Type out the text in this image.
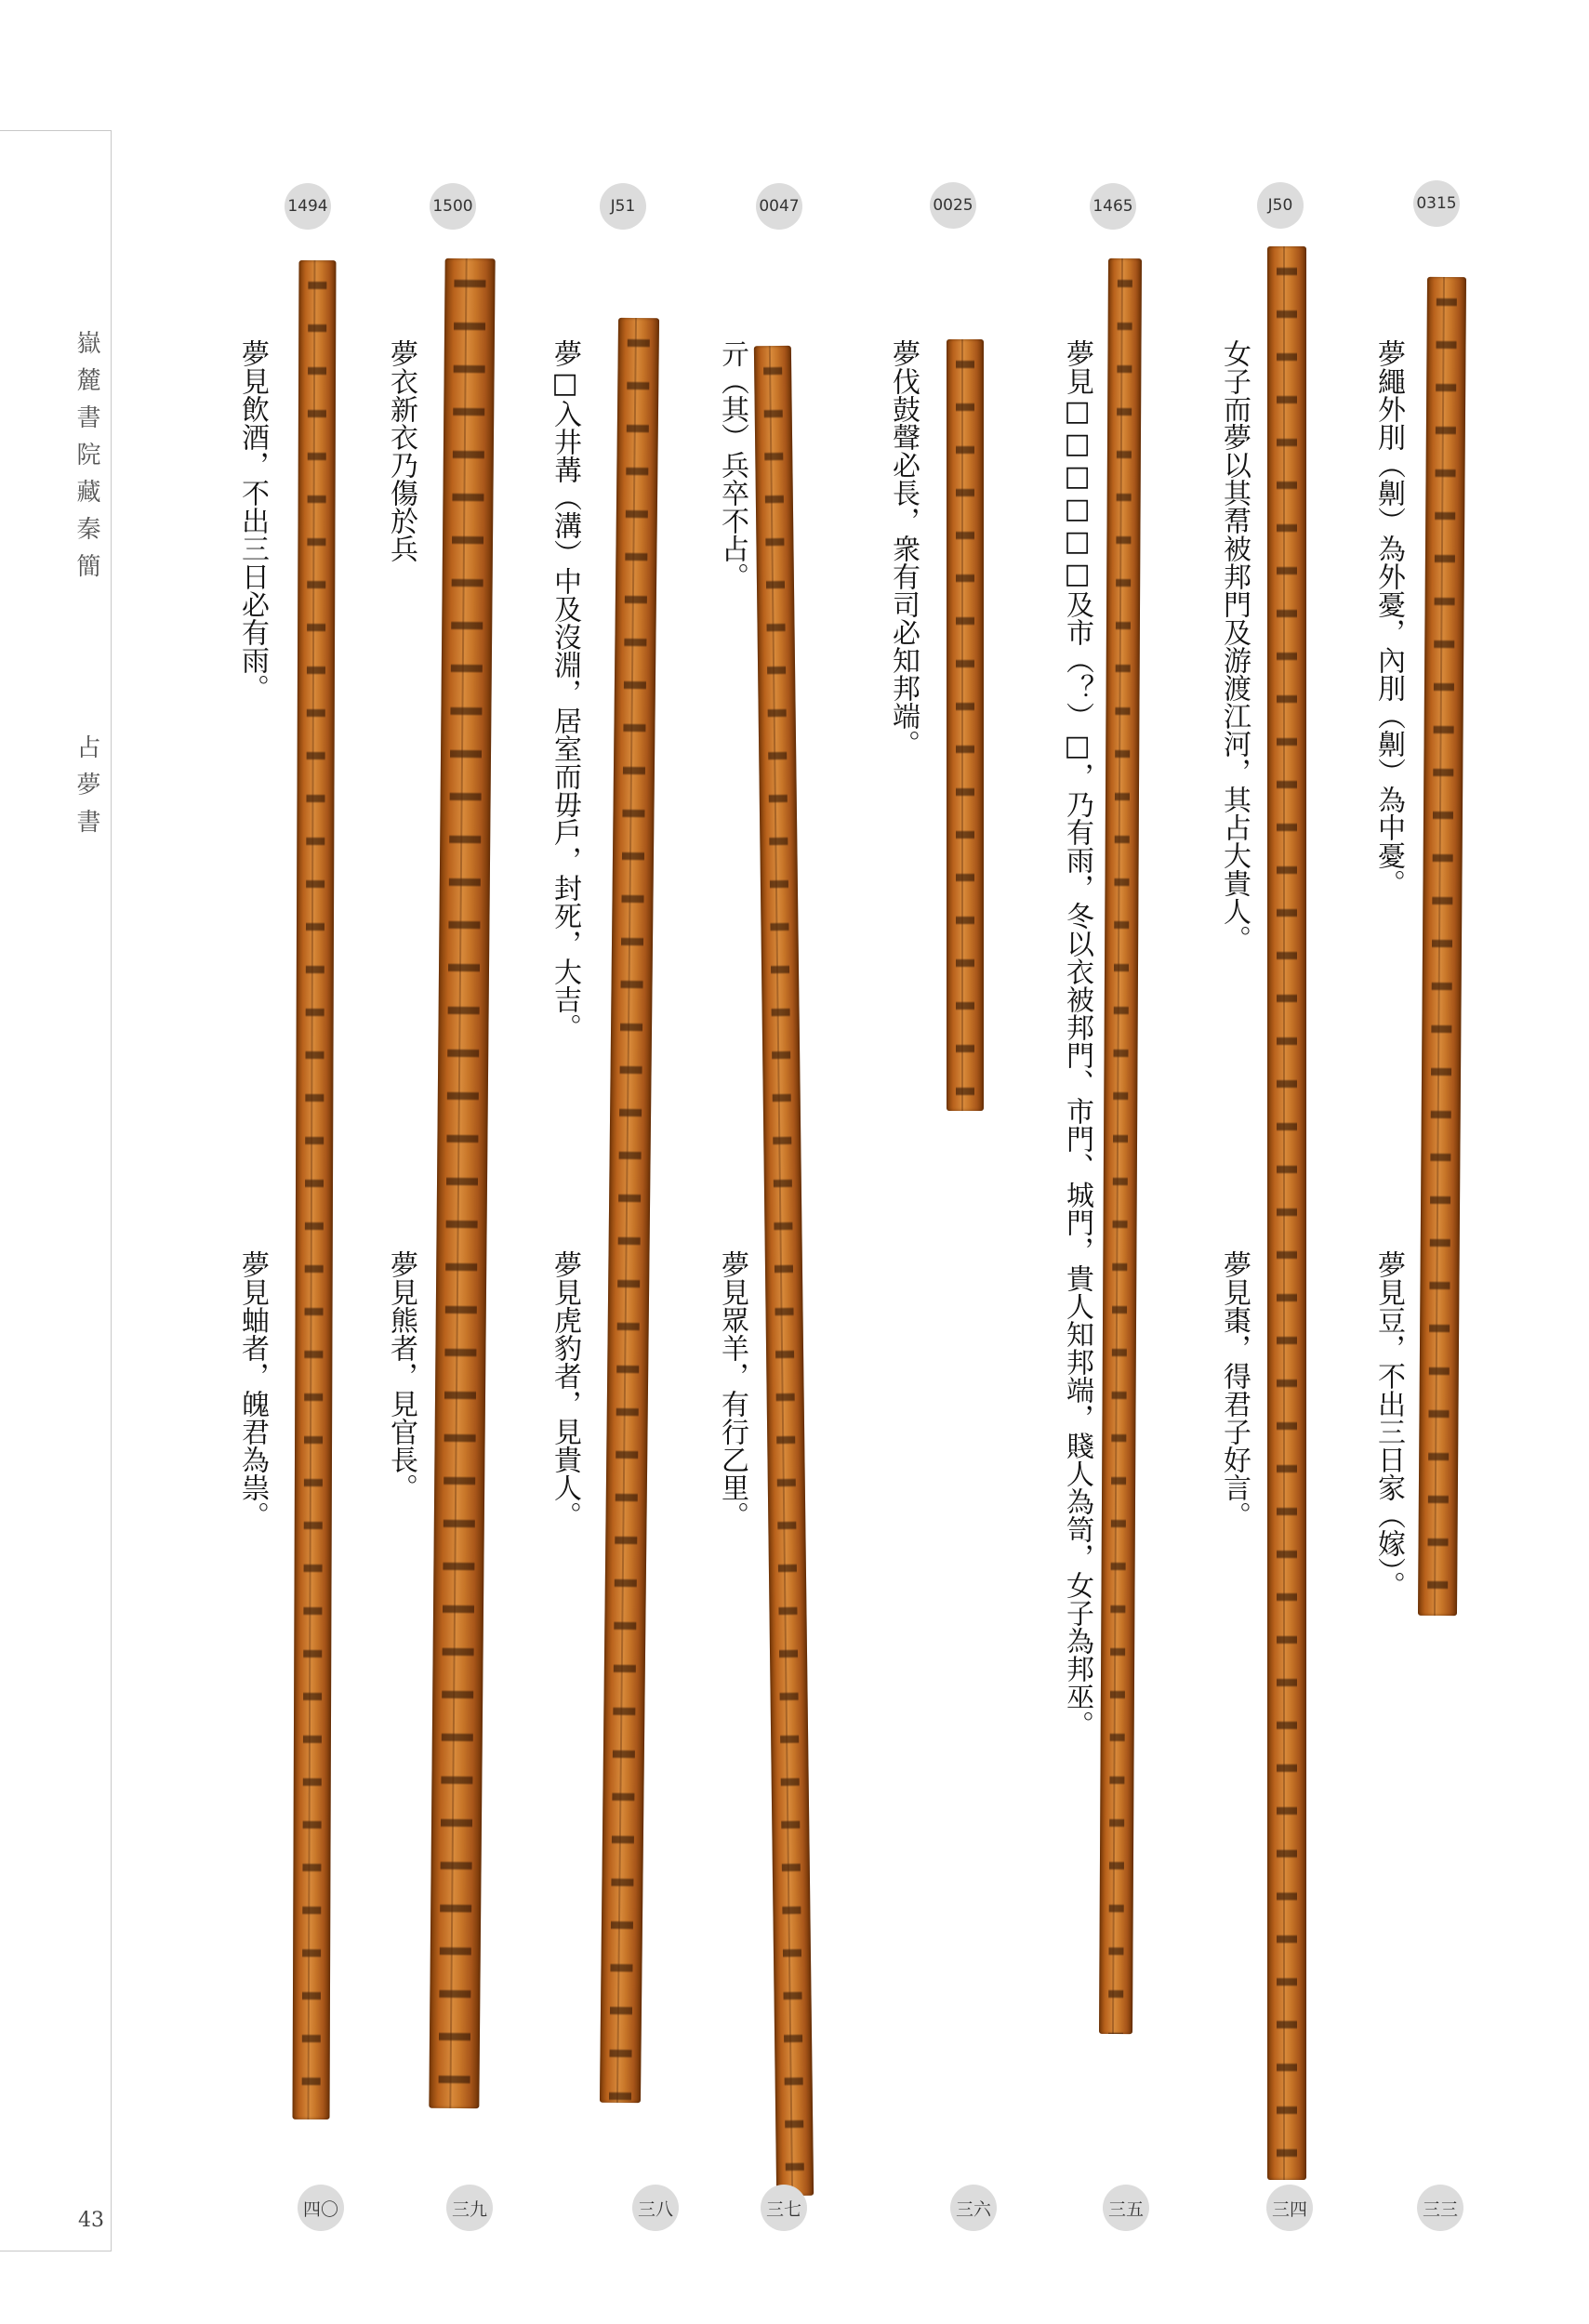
嶽麓書院藏秦簡
占夢書
43
1494
夢見飲酒，不出三日必有雨。
夢見蚰者，魄君為祟。
四〇
1500
夢衣新衣乃傷於兵
夢見熊者，見官長。
三九
J51
夢□入井冓（溝）中及沒淵，居室而毋戶，封死，大吉。
夢見虎豹者，見貴人。
三八
0047
亓（其）兵卒不占。
夢見眾羊，有行乙里。
三七
0025
夢伐鼓聲必長，衆有司必知邦端。
三六
1465
夢見□□□□□□及市（？）□，乃有雨，冬以衣被邦門、市門、城門，貴人知邦端，賤人為笥，女子為邦巫。
三五
J50
女子而夢以其帬被邦門及游渡江河，其占大貴人。
夢見棗，得君子好言。
三四
0315
夢繩外刖（劓）為外憂，內刖（劓）為中憂。
夢見豆，不出三日家（嫁）。
三三
